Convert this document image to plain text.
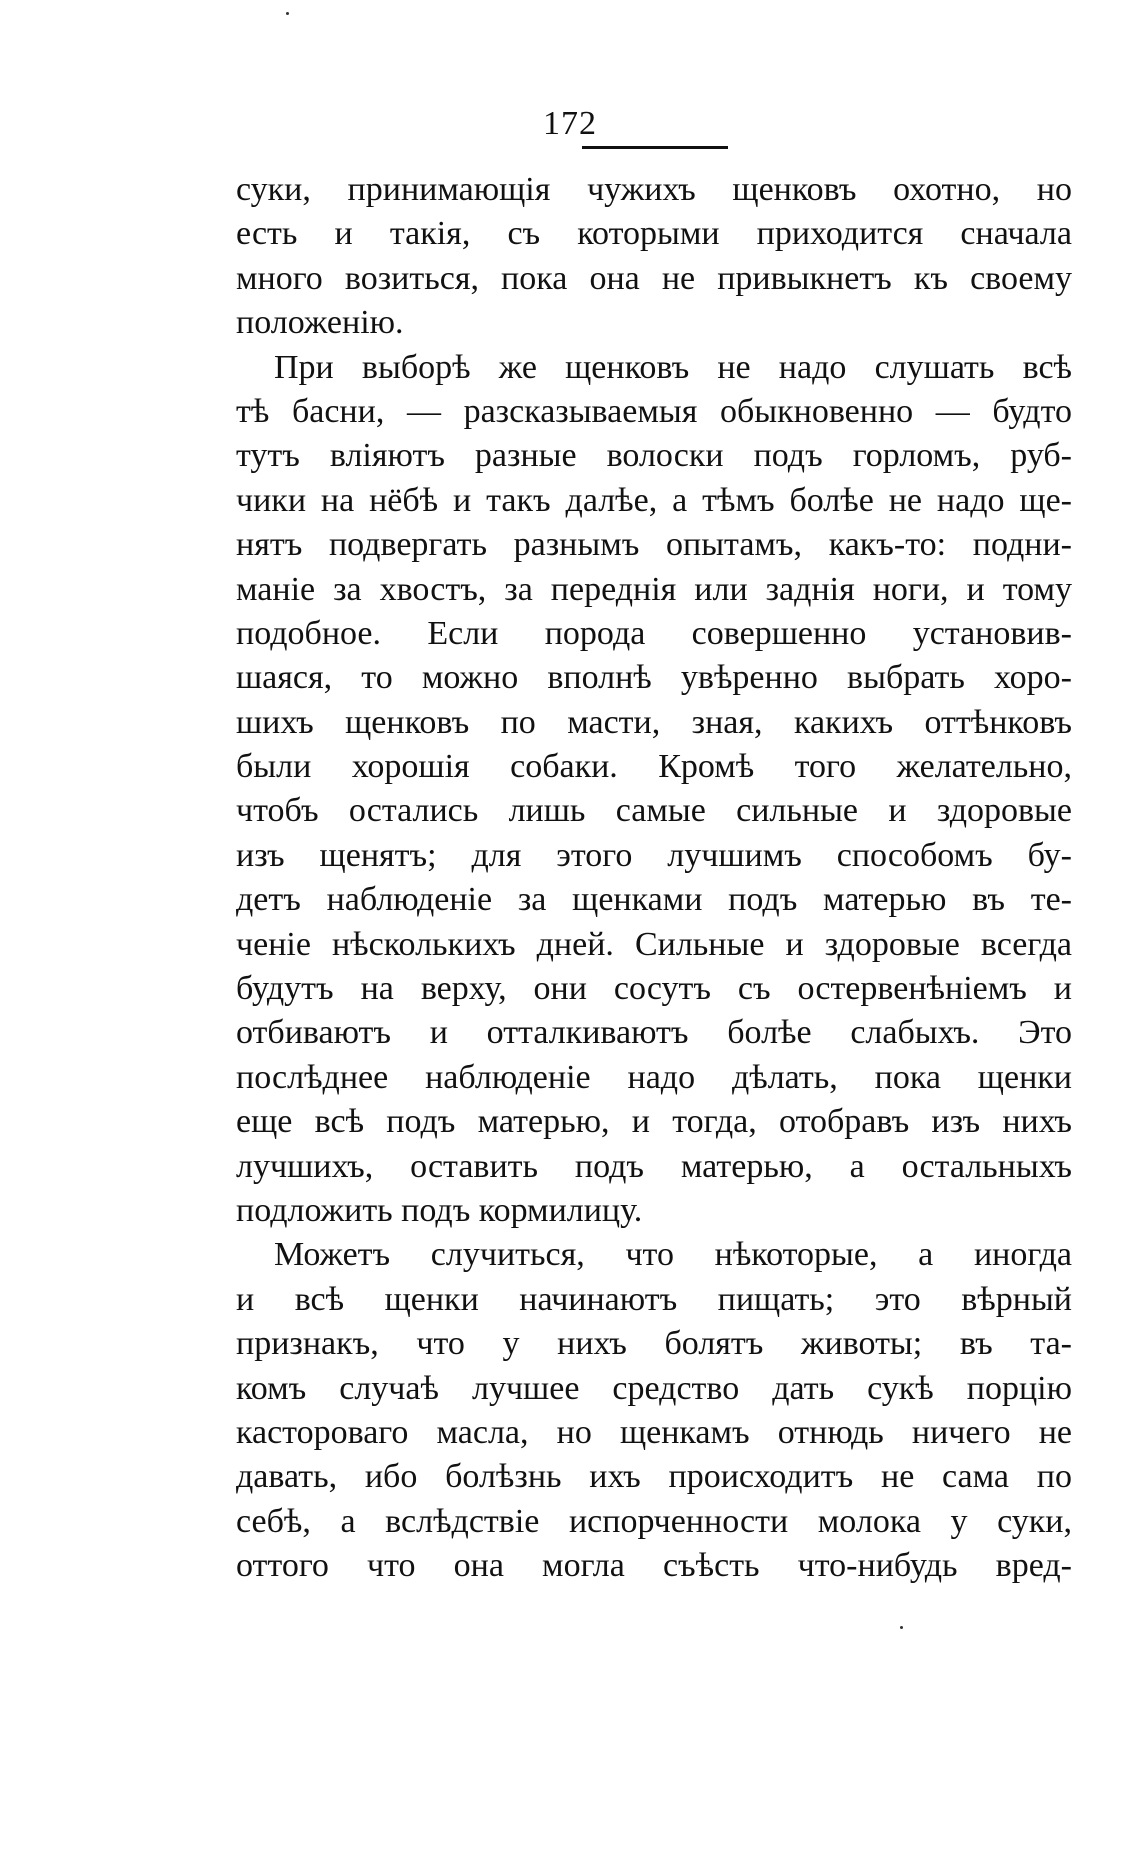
172
суки, принимающія чужихъ щенковъ охотно, но
есть и такія, съ которыми приходится сначала
много возиться, пока она не привыкнетъ къ своему
положенію.
При выборѣ же щенковъ не надо слушать всѣ
тѣ басни, — разсказываемыя обыкновенно — будто
тутъ вліяютъ разные волоски подъ горломъ, руб-
чики на нёбѣ и такъ далѣе, а тѣмъ болѣе не надо ще-
нятъ подвергать разнымъ опытамъ, какъ-то: подни-
маніе за хвостъ, за переднія или заднія ноги, и тому
подобное. Если порода совершенно установив-
шаяся, то можно вполнѣ увѣренно выбрать хоро-
шихъ щенковъ по масти, зная, какихъ оттѣнковъ
были хорошія собаки. Кромѣ того желательно,
чтобъ остались лишь самые сильные и здоровые
изъ щенятъ; для этого лучшимъ способомъ бу-
детъ наблюденіе за щенками подъ матерью въ те-
ченіе нѣсколькихъ дней. Сильные и здоровые всегда
будутъ на верху, они сосутъ съ остервенѣніемъ и
отбиваютъ и отталкиваютъ болѣе слабыхъ. Это
послѣднее наблюденіе надо дѣлать, пока щенки
еще всѣ подъ матерью, и тогда, отобравъ изъ нихъ
лучшихъ, оставить подъ матерью, а остальныхъ
подложить подъ кормилицу.
Можетъ случиться, что нѣкоторые, а иногда
и всѣ щенки начинаютъ пищать; это вѣрный
признакъ, что у нихъ болятъ животы; въ та-
комъ случаѣ лучшее средство дать сукѣ порцію
кастороваго масла, но щенкамъ отнюдь ничего не
давать, ибо болѣзнь ихъ происходитъ не сама по
себѣ, а вслѣдствіе испорченности молока у суки,
оттого что она могла съѣсть что-нибудь вред-
